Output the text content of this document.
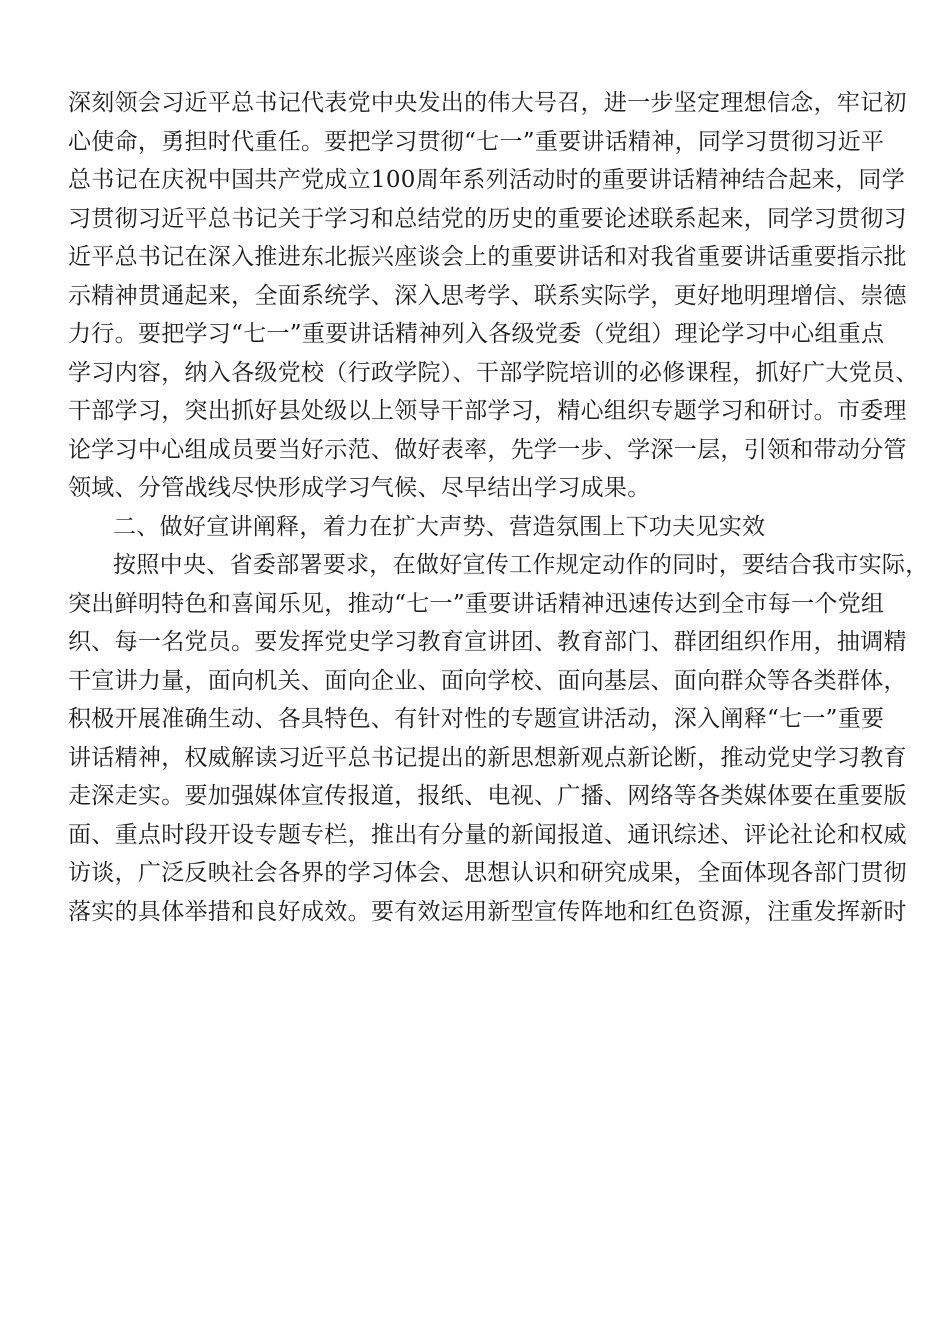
深刻领会习近平总书记代表党中央发出的伟大号召，进一步坚定理想信念，牢记初
心使命，勇担时代重任。要把学习贯彻“七一”重要讲话精神，同学习贯彻习近平
总书记在庆祝中国共产党成立100周年系列活动时的重要讲话精神结合起来，同学
习贯彻习近平总书记关于学习和总结党的历史的重要论述联系起来，同学习贯彻习
近平总书记在深入推进东北振兴座谈会上的重要讲话和对我省重要讲话重要指示批
示精神贯通起来，全面系统学、深入思考学、联系实际学，更好地明理增信、崇德
力行。要把学习“七一”重要讲话精神列入各级党委（党组）理论学习中心组重点
学习内容，纳入各级党校（行政学院）、干部学院培训的必修课程，抓好广大党员、
干部学习，突出抓好县处级以上领导干部学习，精心组织专题学习和研讨。市委理
论学习中心组成员要当好示范、做好表率，先学一步、学深一层，引领和带动分管
领域、分管战线尽快形成学习气候、尽早结出学习成果。
二、做好宣讲阐释，着力在扩大声势、营造氛围上下功夫见实效
按照中央、省委部署要求，在做好宣传工作规定动作的同时，要结合我市实际，
突出鲜明特色和喜闻乐见，推动“七一”重要讲话精神迅速传达到全市每一个党组
织、每一名党员。要发挥党史学习教育宣讲团、教育部门、群团组织作用，抽调精
干宣讲力量，面向机关、面向企业、面向学校、面向基层、面向群众等各类群体，
积极开展准确生动、各具特色、有针对性的专题宣讲活动，深入阐释“七一”重要
讲话精神，权威解读习近平总书记提出的新思想新观点新论断，推动党史学习教育
走深走实。要加强媒体宣传报道，报纸、电视、广播、网络等各类媒体要在重要版
面、重点时段开设专题专栏，推出有分量的新闻报道、通讯综述、评论社论和权威
访谈，广泛反映社会各界的学习体会、思想认识和研究成果，全面体现各部门贯彻
落实的具体举措和良好成效。要有效运用新型宣传阵地和红色资源，注重发挥新时
